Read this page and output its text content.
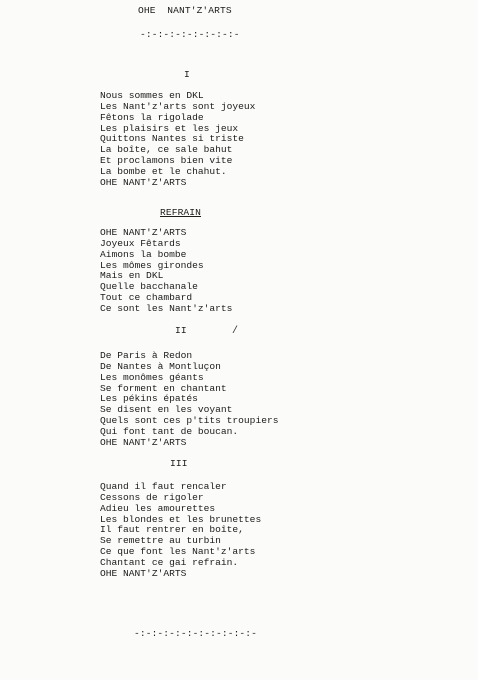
OHE  NANT'Z'ARTS
-:-:-:-:-:-:-:-:-
I
Nous sommes en DKL
Les Nant'z'arts sont joyeux
Fêtons la rigolade
Les plaisirs et les jeux
Quittons Nantes si triste
La boîte, ce sale bahut
Et proclamons bien vite
La bombe et le chahut.
OHE NANT'Z'ARTS
REFRAIN
OHE NANT'Z'ARTS
Joyeux Fêtards
Aimons la bombe
Les mômes girondes
Mais en DKL
Quelle bacchanale
Tout ce chambard
Ce sont les Nant'z'arts
II	/
De Paris à Redon
De Nantes à Montluçon
Les monômes géants
Se forment en chantant
Les pékins épatés
Se disent en les voyant
Quels sont ces p'tits troupiers
Qui font tant de boucan.
OHE NANT'Z'ARTS
III
Quand il faut rencaler
Cessons de rigoler
Adieu les amourettes
Les blondes et les brunettes
Il faut rentrer en boîte,
Se remettre au turbin
Ce que font les Nant'z'arts
Chantant ce gai refrain.
OHE NANT'Z'ARTS
-:-:-:-:-:-:-:-:-:-:-
